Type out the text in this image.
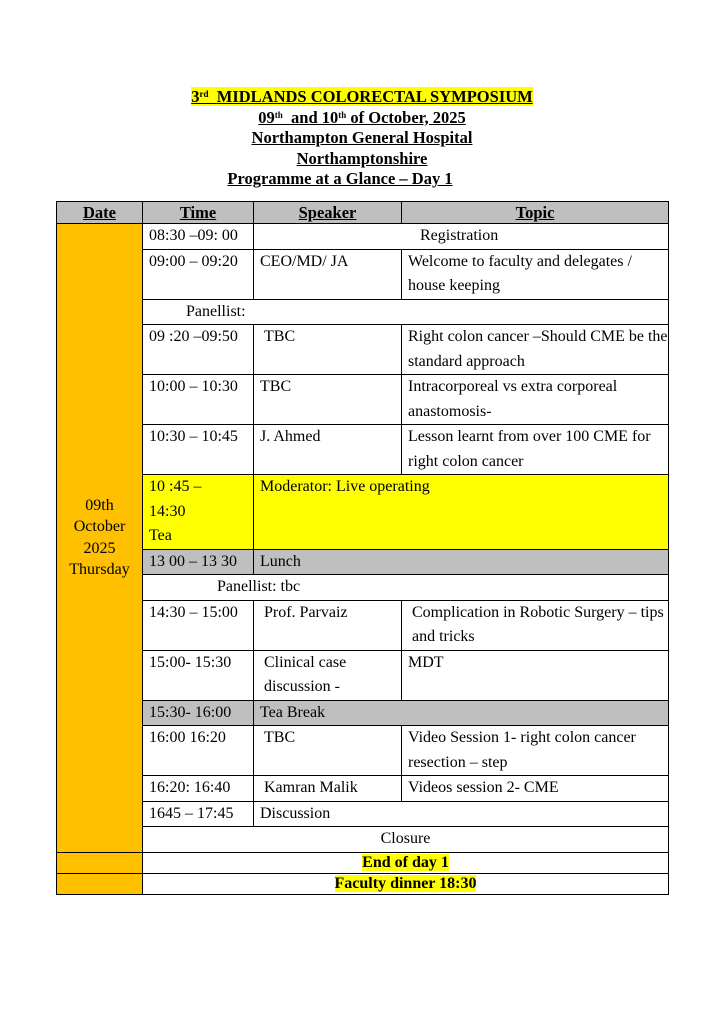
3rd MIDLANDS COLORECTAL SYMPOSIUM
09th and 10th of October, 2025
Northampton General Hospital
Northamptonshire
Programme at a Glance – Day 1
Date	Time	Speaker	Topic

09th
October
2025
Thursday	08:30 –09: 00	Registration	
	09:00 – 09:20	CEO/MD/ JA	Welcome to faculty and delegates / house keeping
	Panellist:		
	09 :20 –09:50	TBC	Right colon cancer –Should CME be the standard approach
	10:00 – 10:30	TBC	Intracorporeal vs extra corporeal anastomosis-
	10:30 – 10:45	J. Ahmed	Lesson learnt from over 100 CME for right colon cancer

	10 :45 –
14:30
Tea	Moderator: Live operating	
	13 00 – 13 30	Lunch	
	Panellist: tbc		
	14:30 – 15:00	Prof. Parvaiz	Complication in Robotic Surgery – tips and tricks
	15:00- 15:30	Clinical case discussion -	MDT
	15:30- 16:00	Tea Break	
	16:00 16:20	TBC	Video Session 1- right colon cancer resection – step
	16:20: 16:40	Kamran Malik	Videos session 2- CME
	1645 – 17:45	Discussion	
	Closure		
	End of day 1		
	Faculty dinner 18:30		
